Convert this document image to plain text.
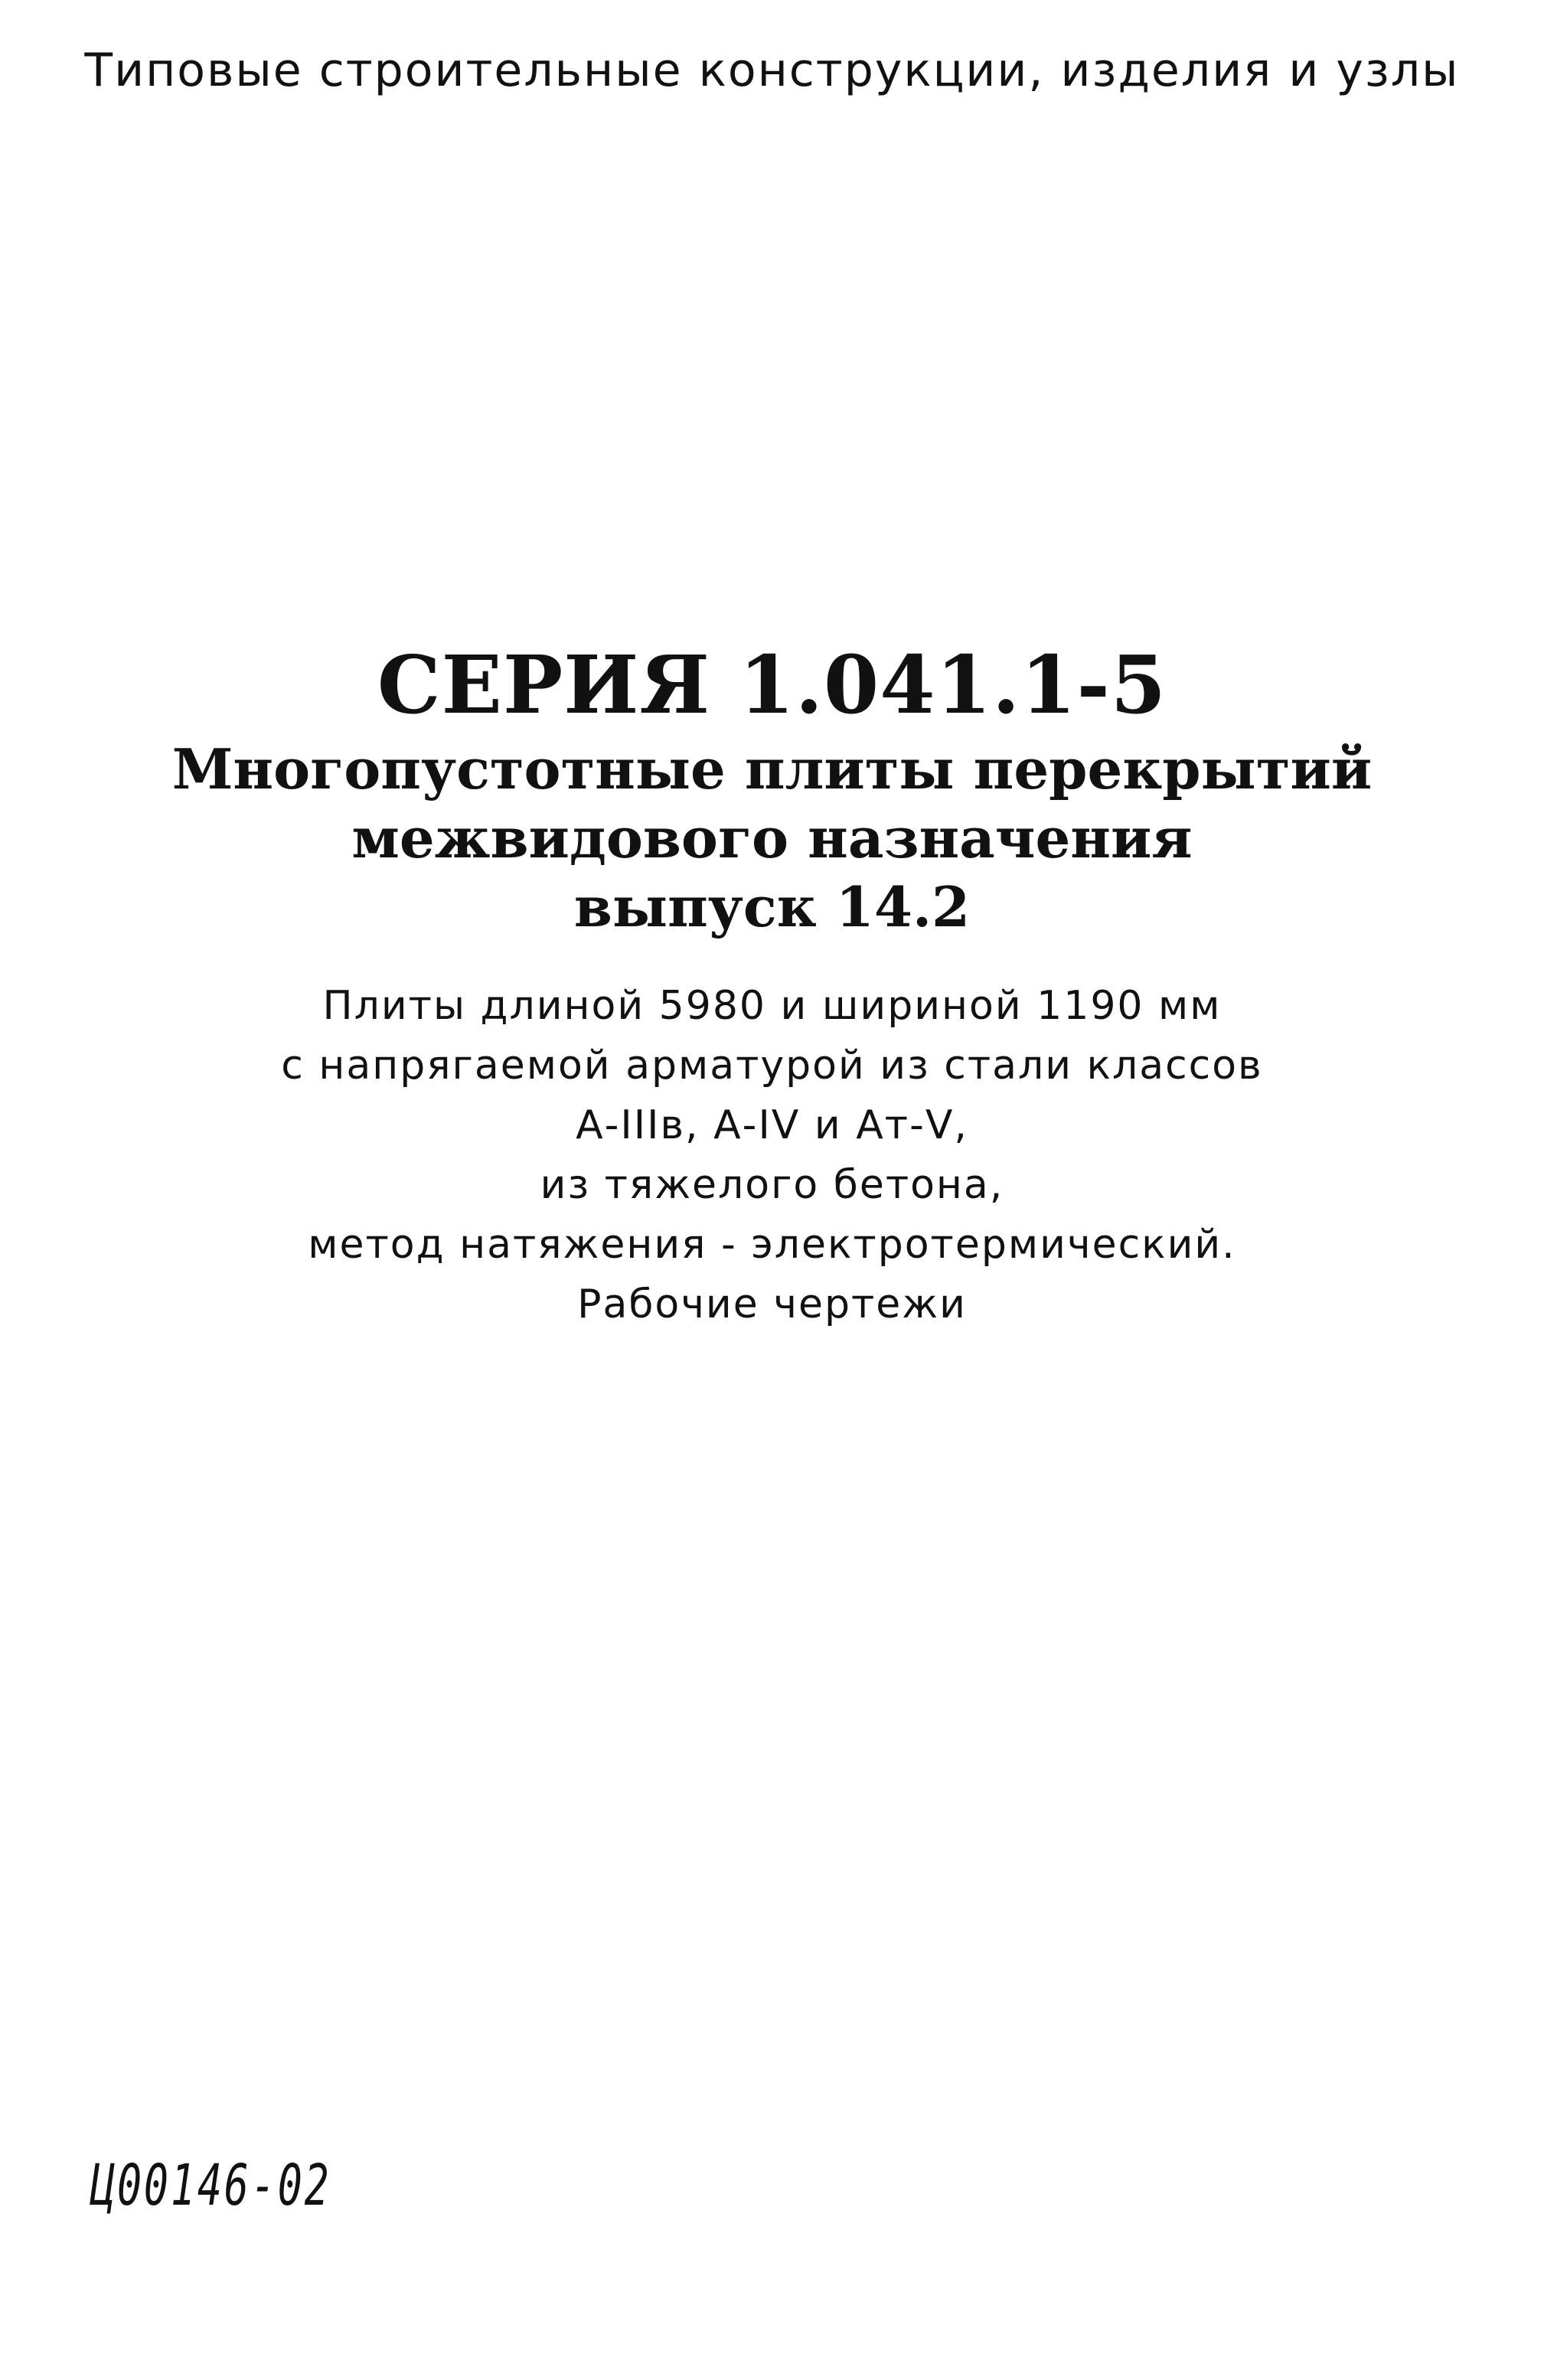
Типовые строительные конструкции, изделия и узлы
СЕРИЯ 1.041.1-5
Многопустотные плиты перекрытий
межвидового назначения
выпуск 14.2
Плиты длиной 5980 и шириной 1190 мм
с напрягаемой арматурой из стали классов
А-IIIв, А-IV и Ат-V,
из тяжелого бетона,
метод натяжения - электротермический.
Рабочие чертежи
Ц00146-02
